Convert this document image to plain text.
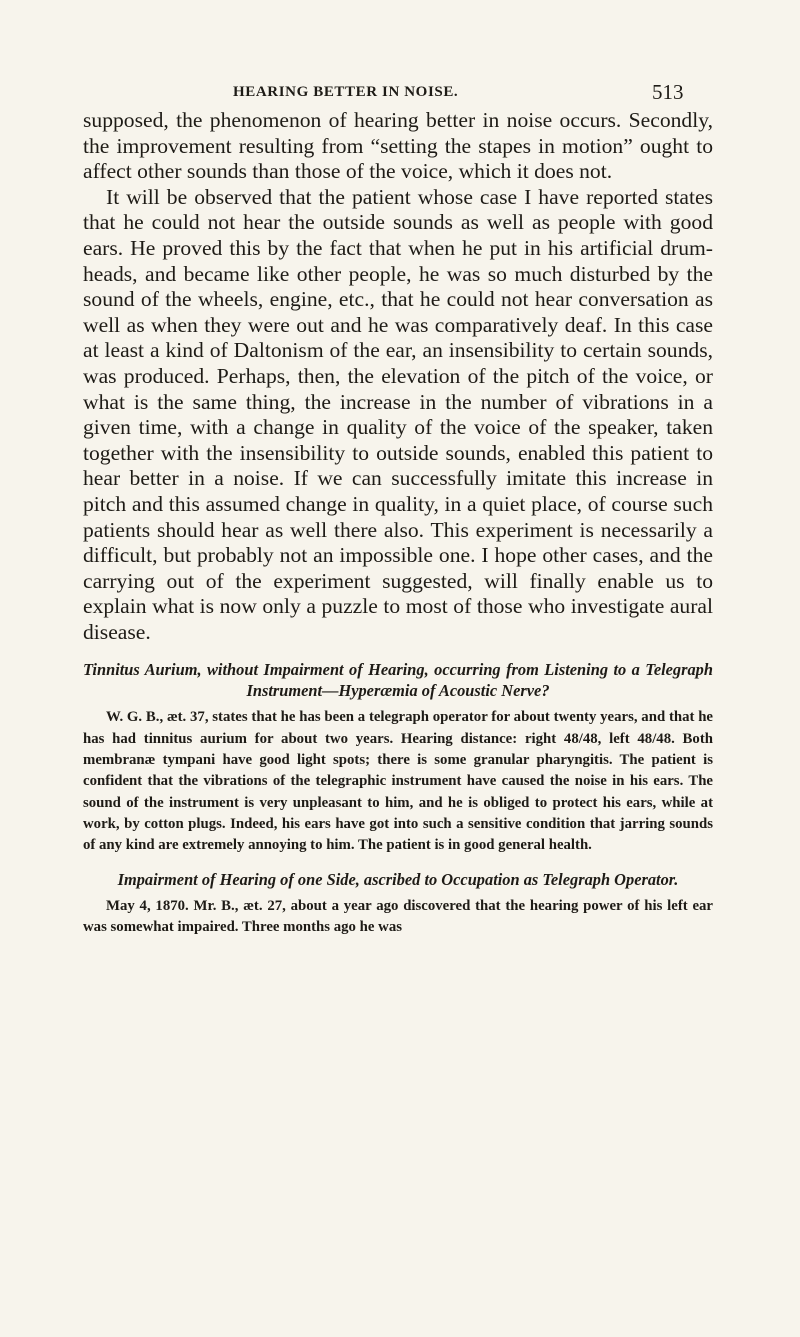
HEARING BETTER IN NOISE.	513

supposed, the phenomenon of hearing better in noise occurs. Secondly, the improvement resulting from “setting the stapes in motion” ought to affect other sounds than those of the voice, which it does not.

It will be observed that the patient whose case I have reported states that he could not hear the outside sounds as well as people with good ears. He proved this by the fact that when he put in his artificial drum-heads, and became like other people, he was so much disturbed by the sound of the wheels, engine, etc., that he could not hear conversation as well as when they were out and he was comparatively deaf. In this case at least a kind of Daltonism of the ear, an insensibility to certain sounds, was produced. Perhaps, then, the elevation of the pitch of the voice, or what is the same thing, the increase in the number of vibrations in a given time, with a change in quality of the voice of the speaker, taken together with the insensibility to outside sounds, enabled this patient to hear better in a noise. If we can successfully imitate this increase in pitch and this assumed change in quality, in a quiet place, of course such patients should hear as well there also. This experiment is necessarily a difficult, but probably not an impossible one. I hope other cases, and the carrying out of the experiment suggested, will finally enable us to explain what is now only a puzzle to most of those who investigate aural disease.

Tinnitus Aurium, without Impairment of Hearing, occurring from Listening to a Telegraph Instrument—Hyperæmia of Acoustic Nerve?

W. G. B., æt. 37, states that he has been a telegraph operator for about twenty years, and that he has had tinnitus aurium for about two years. Hearing distance: right 48/48, left 48/48. Both membranæ tympani have good light spots; there is some granular pharyngitis. The patient is confident that the vibrations of the telegraphic instrument have caused the noise in his ears. The sound of the instrument is very unpleasant to him, and he is obliged to protect his ears, while at work, by cotton plugs. Indeed, his ears have got into such a sensitive condition that jarring sounds of any kind are extremely annoying to him. The patient is in good general health.

Impairment of Hearing of one Side, ascribed to Occupation as Telegraph Operator.

May 4, 1870. Mr. B., æt. 27, about a year ago discovered that the hearing power of his left ear was somewhat impaired. Three months ago he was
